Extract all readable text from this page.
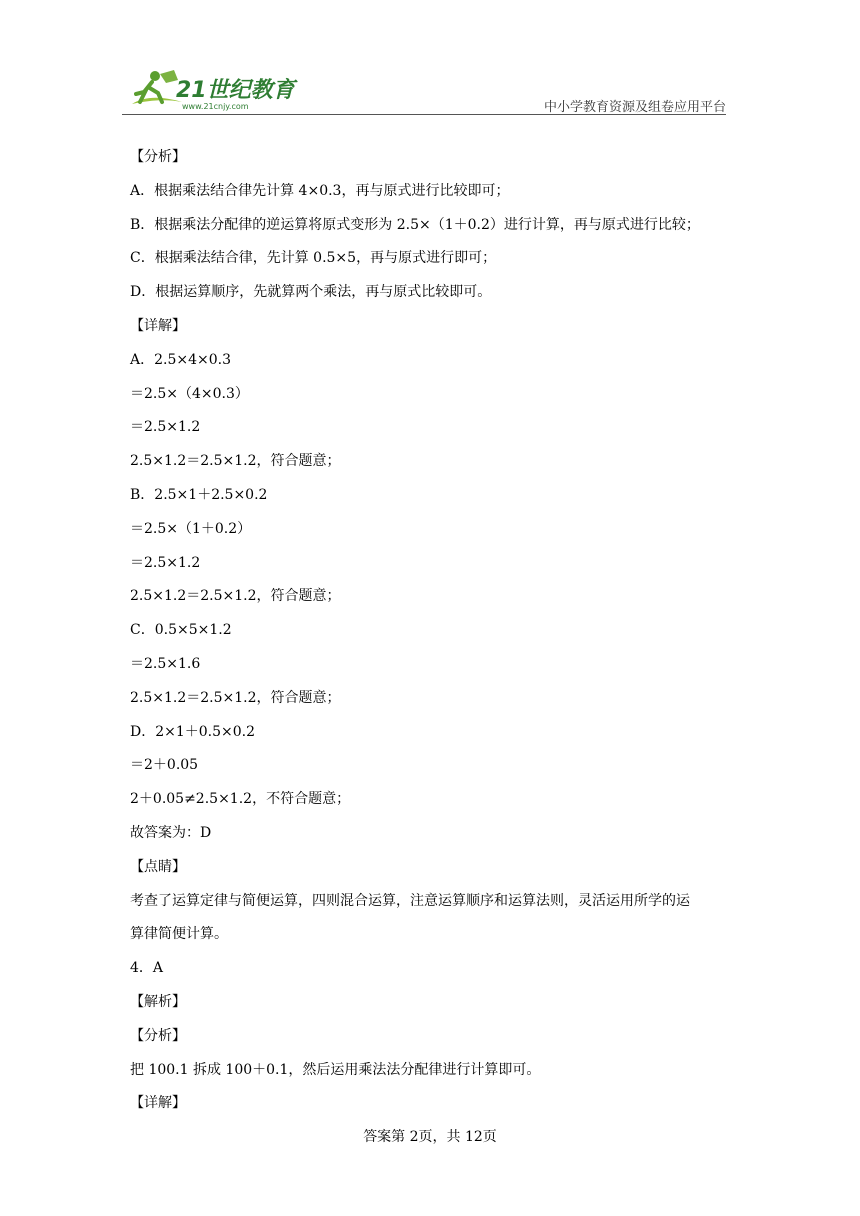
21世纪教育
www.21cnjy.com	中小学教育资源及组卷应用平台
【分析】
A．根据乘法结合律先计算 4×0.3，再与原式进行比较即可；
B．根据乘法分配律的逆运算将原式变形为 2.5×（1＋0.2）进行计算，再与原式进行比较；
C．根据乘法结合律，先计算 0.5×5，再与原式进行即可；
D．根据运算顺序，先就算两个乘法，再与原式比较即可。
【详解】
A．2.5×4×0.3
＝2.5×（4×0.3）
＝2.5×1.2
2.5×1.2＝2.5×1.2，符合题意；
B．2.5×1＋2.5×0.2
＝2.5×（1＋0.2）
＝2.5×1.2
2.5×1.2＝2.5×1.2，符合题意；
C．0.5×5×1.2
＝2.5×1.6
2.5×1.2＝2.5×1.2，符合题意；
D．2×1＋0.5×0.2
＝2＋0.05
2＋0.05≠2.5×1.2，不符合题意；
故答案为：D
【点睛】
考查了运算定律与简便运算，四则混合运算，注意运算顺序和运算法则，灵活运用所学的运
算律简便计算。
4．A
【解析】
【分析】
把 100.1 拆成 100＋0.1，然后运用乘法法分配律进行计算即可。
【详解】
答案第 2页，共 12页
